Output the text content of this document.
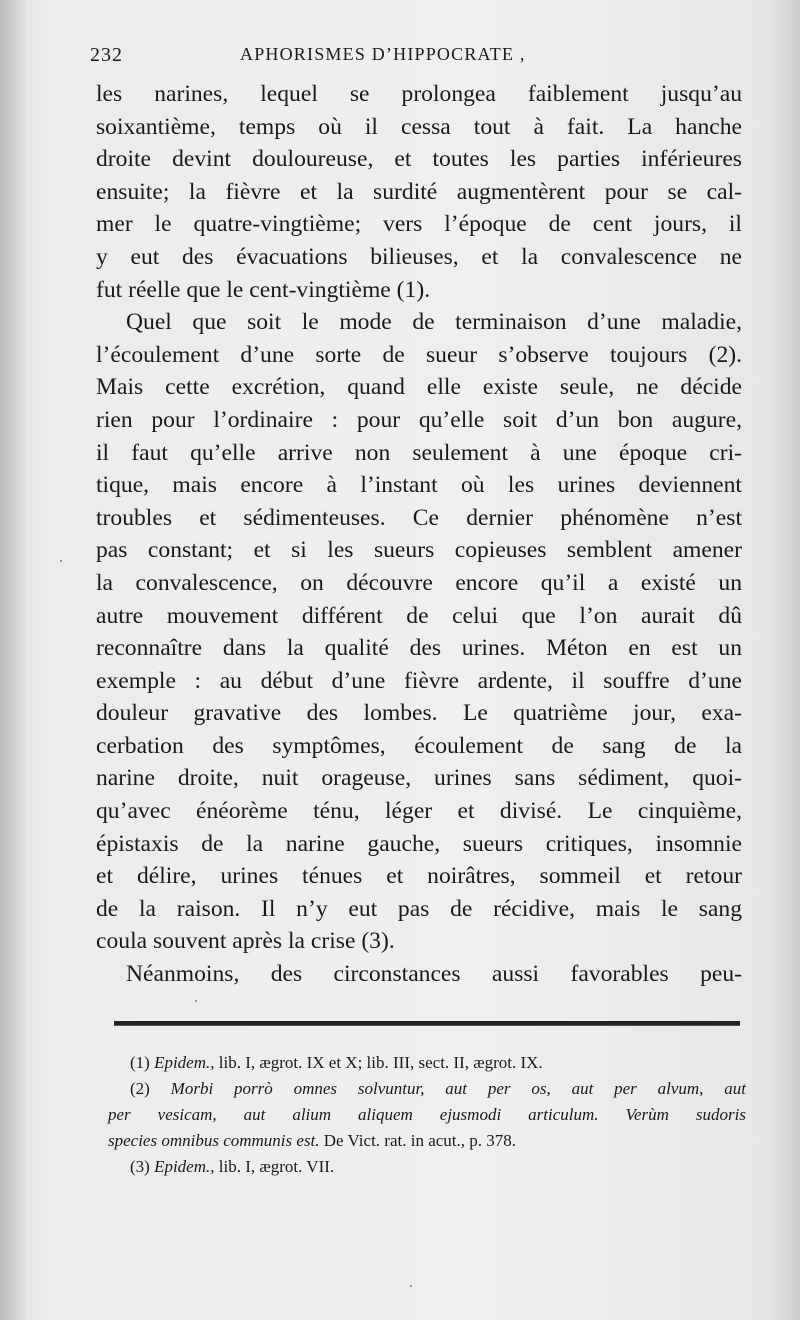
232	APHORISMES D’HIPPOCRATE ,
les narines, lequel se prolongea faiblement jusqu’au
soixantième, temps où il cessa tout à fait. La hanche
droite devint douloureuse, et toutes les parties inférieures
ensuite; la fièvre et la surdité augmentèrent pour se cal-
mer le quatre-vingtième; vers l’époque de cent jours, il
y eut des évacuations bilieuses, et la convalescence ne
fut réelle que le cent-vingtième (1).
Quel que soit le mode de terminaison d’une maladie,
l’écoulement d’une sorte de sueur s’observe toujours (2).
Mais cette excrétion, quand elle existe seule, ne décide
rien pour l’ordinaire : pour qu’elle soit d’un bon augure,
il faut qu’elle arrive non seulement à une époque cri-
tique, mais encore à l’instant où les urines deviennent
troubles et sédimenteuses. Ce dernier phénomène n’est
pas constant; et si les sueurs copieuses semblent amener
la convalescence, on découvre encore qu’il a existé un
autre mouvement différent de celui que l’on aurait dû
reconnaître dans la qualité des urines. Méton en est un
exemple : au début d’une fièvre ardente, il souffre d’une
douleur gravative des lombes. Le quatrième jour, exa-
cerbation des symptômes, écoulement de sang de la
narine droite, nuit orageuse, urines sans sédiment, quoi-
qu’avec énéorème ténu, léger et divisé. Le cinquième,
épistaxis de la narine gauche, sueurs critiques, insomnie
et délire, urines ténues et noirâtres, sommeil et retour
de la raison. Il n’y eut pas de récidive, mais le sang
coula souvent après la crise (3).
Néanmoins, des circonstances aussi favorables peu-
(1) Epidem., lib. I, ægrot. IX et X; lib. III, sect. II, ægrot. IX.
(2) Morbi porrò omnes solvuntur, aut per os, aut per alvum, aut
per vesicam, aut alium aliquem ejusmodi articulum. Verùm sudoris
species omnibus communis est. De Vict. rat. in acut., p. 378.
(3) Epidem., lib. I, ægrot. VII.
